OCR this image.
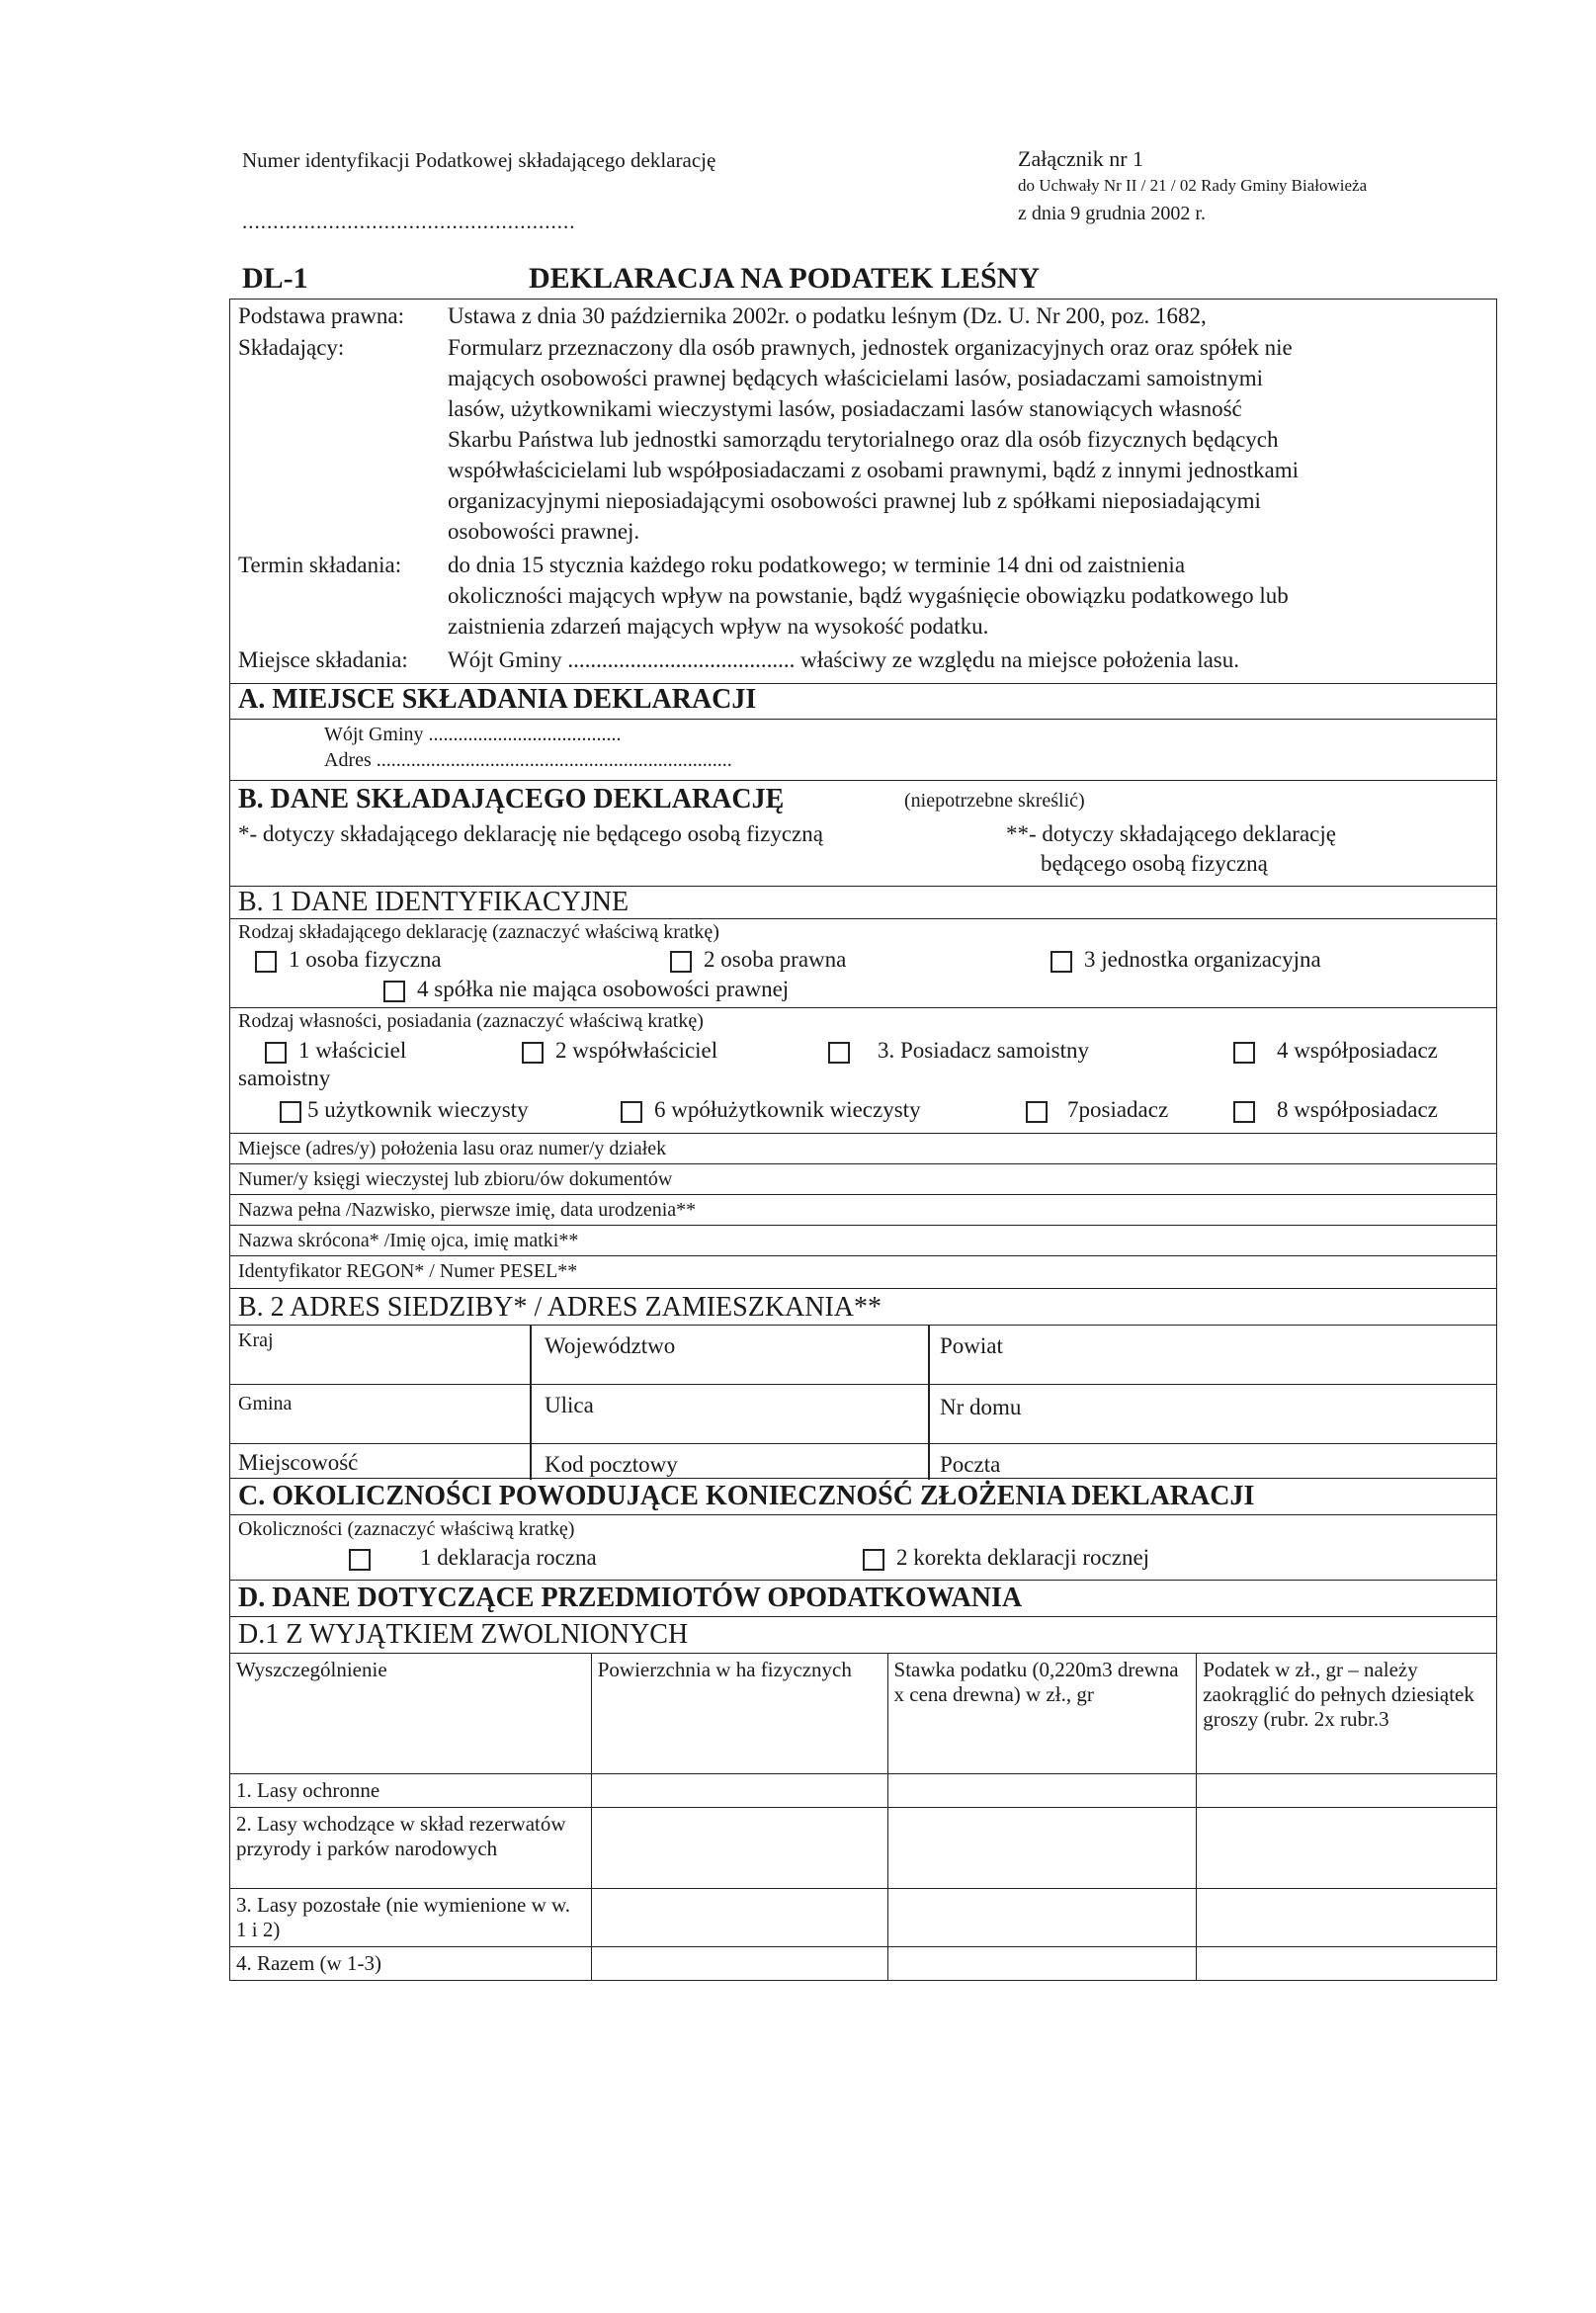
Numer identyfikacji Podatkowej składającego deklarację
......................................................
Załącznik nr 1
do Uchwały Nr II / 21 / 02 Rady Gminy Białowieża
z dnia 9 grudnia 2002 r.
DL-1	DEKLARACJA NA PODATEK LEŚNY
Podstawa prawna: Ustawa z dnia 30 października 2002r. o podatku leśnym (Dz. U. Nr 200, poz. 1682,
Składający:	Formularz przeznaczony dla osób prawnych, jednostek organizacyjnych oraz oraz spółek nie
mających osobowości prawnej będących właścicielami lasów, posiadaczami samoistnymi
lasów, użytkownikami wieczystymi lasów, posiadaczami lasów stanowiących własność
Skarbu Państwa lub jednostki samorządu terytorialnego oraz dla osób fizycznych będących
współwłaścicielami lub współposiadaczami z osobami prawnymi, bądź z innymi jednostkami
organizacyjnymi nieposiadającymi osobowości prawnej lub z spółkami nieposiadającymi
osobowości prawnej.
Termin składania: do dnia 15 stycznia każdego roku podatkowego; w terminie 14 dni od zaistnienia
okoliczności mających wpływ na powstanie, bądź wygaśnięcie obowiązku podatkowego lub
zaistnienia zdarzeń mających wpływ na wysokość podatku.
Miejsce składania: Wójt Gminy ........................................ właściwy ze względu na miejsce położenia lasu.
A. MIEJSCE SKŁADANIA DEKLARACJI
Wójt Gminy .......................................
Adres ........................................................................
B. DANE SKŁADAJĄCEGO DEKLARACJĘ	(niepotrzebne skreślić)
*- dotyczy składającego deklarację nie będącego osobą fizyczną	**- dotyczy składającego deklarację
będącego osobą fizyczną
B. 1 DANE IDENTYFIKACYJNE
Rodzaj składającego deklarację (zaznaczyć właściwą kratkę)
1 osoba fizyczna	2 osoba prawna	3 jednostka organizacyjna
4 spółka nie mająca osobowości prawnej
Rodzaj własności, posiadania (zaznaczyć właściwą kratkę)
1 właściciel	2 współwłaściciel	3. Posiadacz samoistny	4 współposiadacz
samoistny
5 użytkownik wieczysty	6 wpółużytkownik wieczysty	7posiadacz	8 współposiadacz
Miejsce (adres/y) położenia lasu oraz numer/y działek
Numer/y księgi wieczystej lub zbioru/ów dokumentów
Nazwa pełna /Nazwisko, pierwsze imię, data urodzenia**
Nazwa skrócona* /Imię ojca, imię matki**
Identyfikator REGON* / Numer PESEL**
B. 2 ADRES SIEDZIBY* / ADRES ZAMIESZKANIA**
Kraj	Województwo	Powiat
Gmina	Ulica	Nr domu
Miejscowość	Kod pocztowy	Poczta
C. OKOLICZNOŚCI POWODUJĄCE KONIECZNOŚĆ ZŁOŻENIA DEKLARACJI
Okoliczności (zaznaczyć właściwą kratkę)
1 deklaracja roczna	2 korekta deklaracji rocznej
D. DANE DOTYCZĄCE PRZEDMIOTÓW OPODATKOWANIA
D.1 Z WYJĄTKIEM ZWOLNIONYCH
Wyszczególnienie	Powierzchnia w ha fizycznych	Stawka podatku (0,220m3 drewna x cena drewna) w zł., gr	Podatek w zł., gr – należy zaokrąglić do pełnych dziesiątek groszy (rubr. 2x rubr.3
1. Lasy ochronne			
2. Lasy wchodzące w skład rezerwatów przyrody i parków narodowych			
3. Lasy pozostałe (nie wymienione w w. 1 i 2)			
4. Razem (w 1-3)			
